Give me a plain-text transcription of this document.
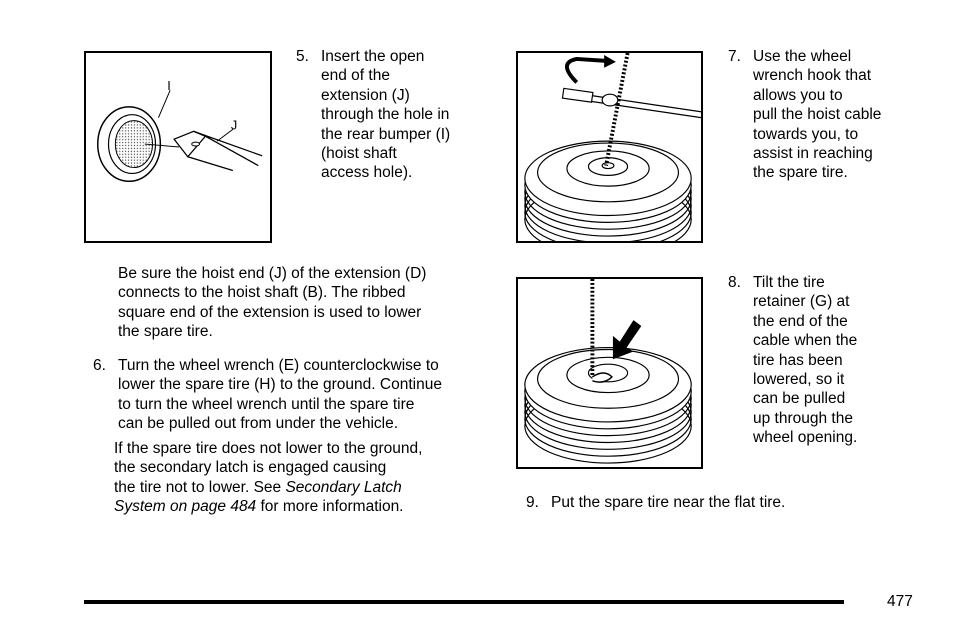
I
J
5. Insert the open
end of the
extension (J)
through the hole in
the rear bumper (I)
(hoist shaft
access hole).
Be sure the hoist end (J) of the extension (D)
connects to the hoist shaft (B). The ribbed
square end of the extension is used to lower
the spare tire.
6. Turn the wheel wrench (E) counterclockwise to
lower the spare tire (H) to the ground. Continue
to turn the wheel wrench until the spare tire
can be pulled out from under the vehicle.
If the spare tire does not lower to the ground,
the secondary latch is engaged causing
the tire not to lower. See Secondary Latch
System on page 484 for more information.
7. Use the wheel
wrench hook that
allows you to
pull the hoist cable
towards you, to
assist in reaching
the spare tire.
8. Tilt the tire
retainer (G) at
the end of the
cable when the
tire has been
lowered, so it
can be pulled
up through the
wheel opening.
9. Put the spare tire near the flat tire.
477
